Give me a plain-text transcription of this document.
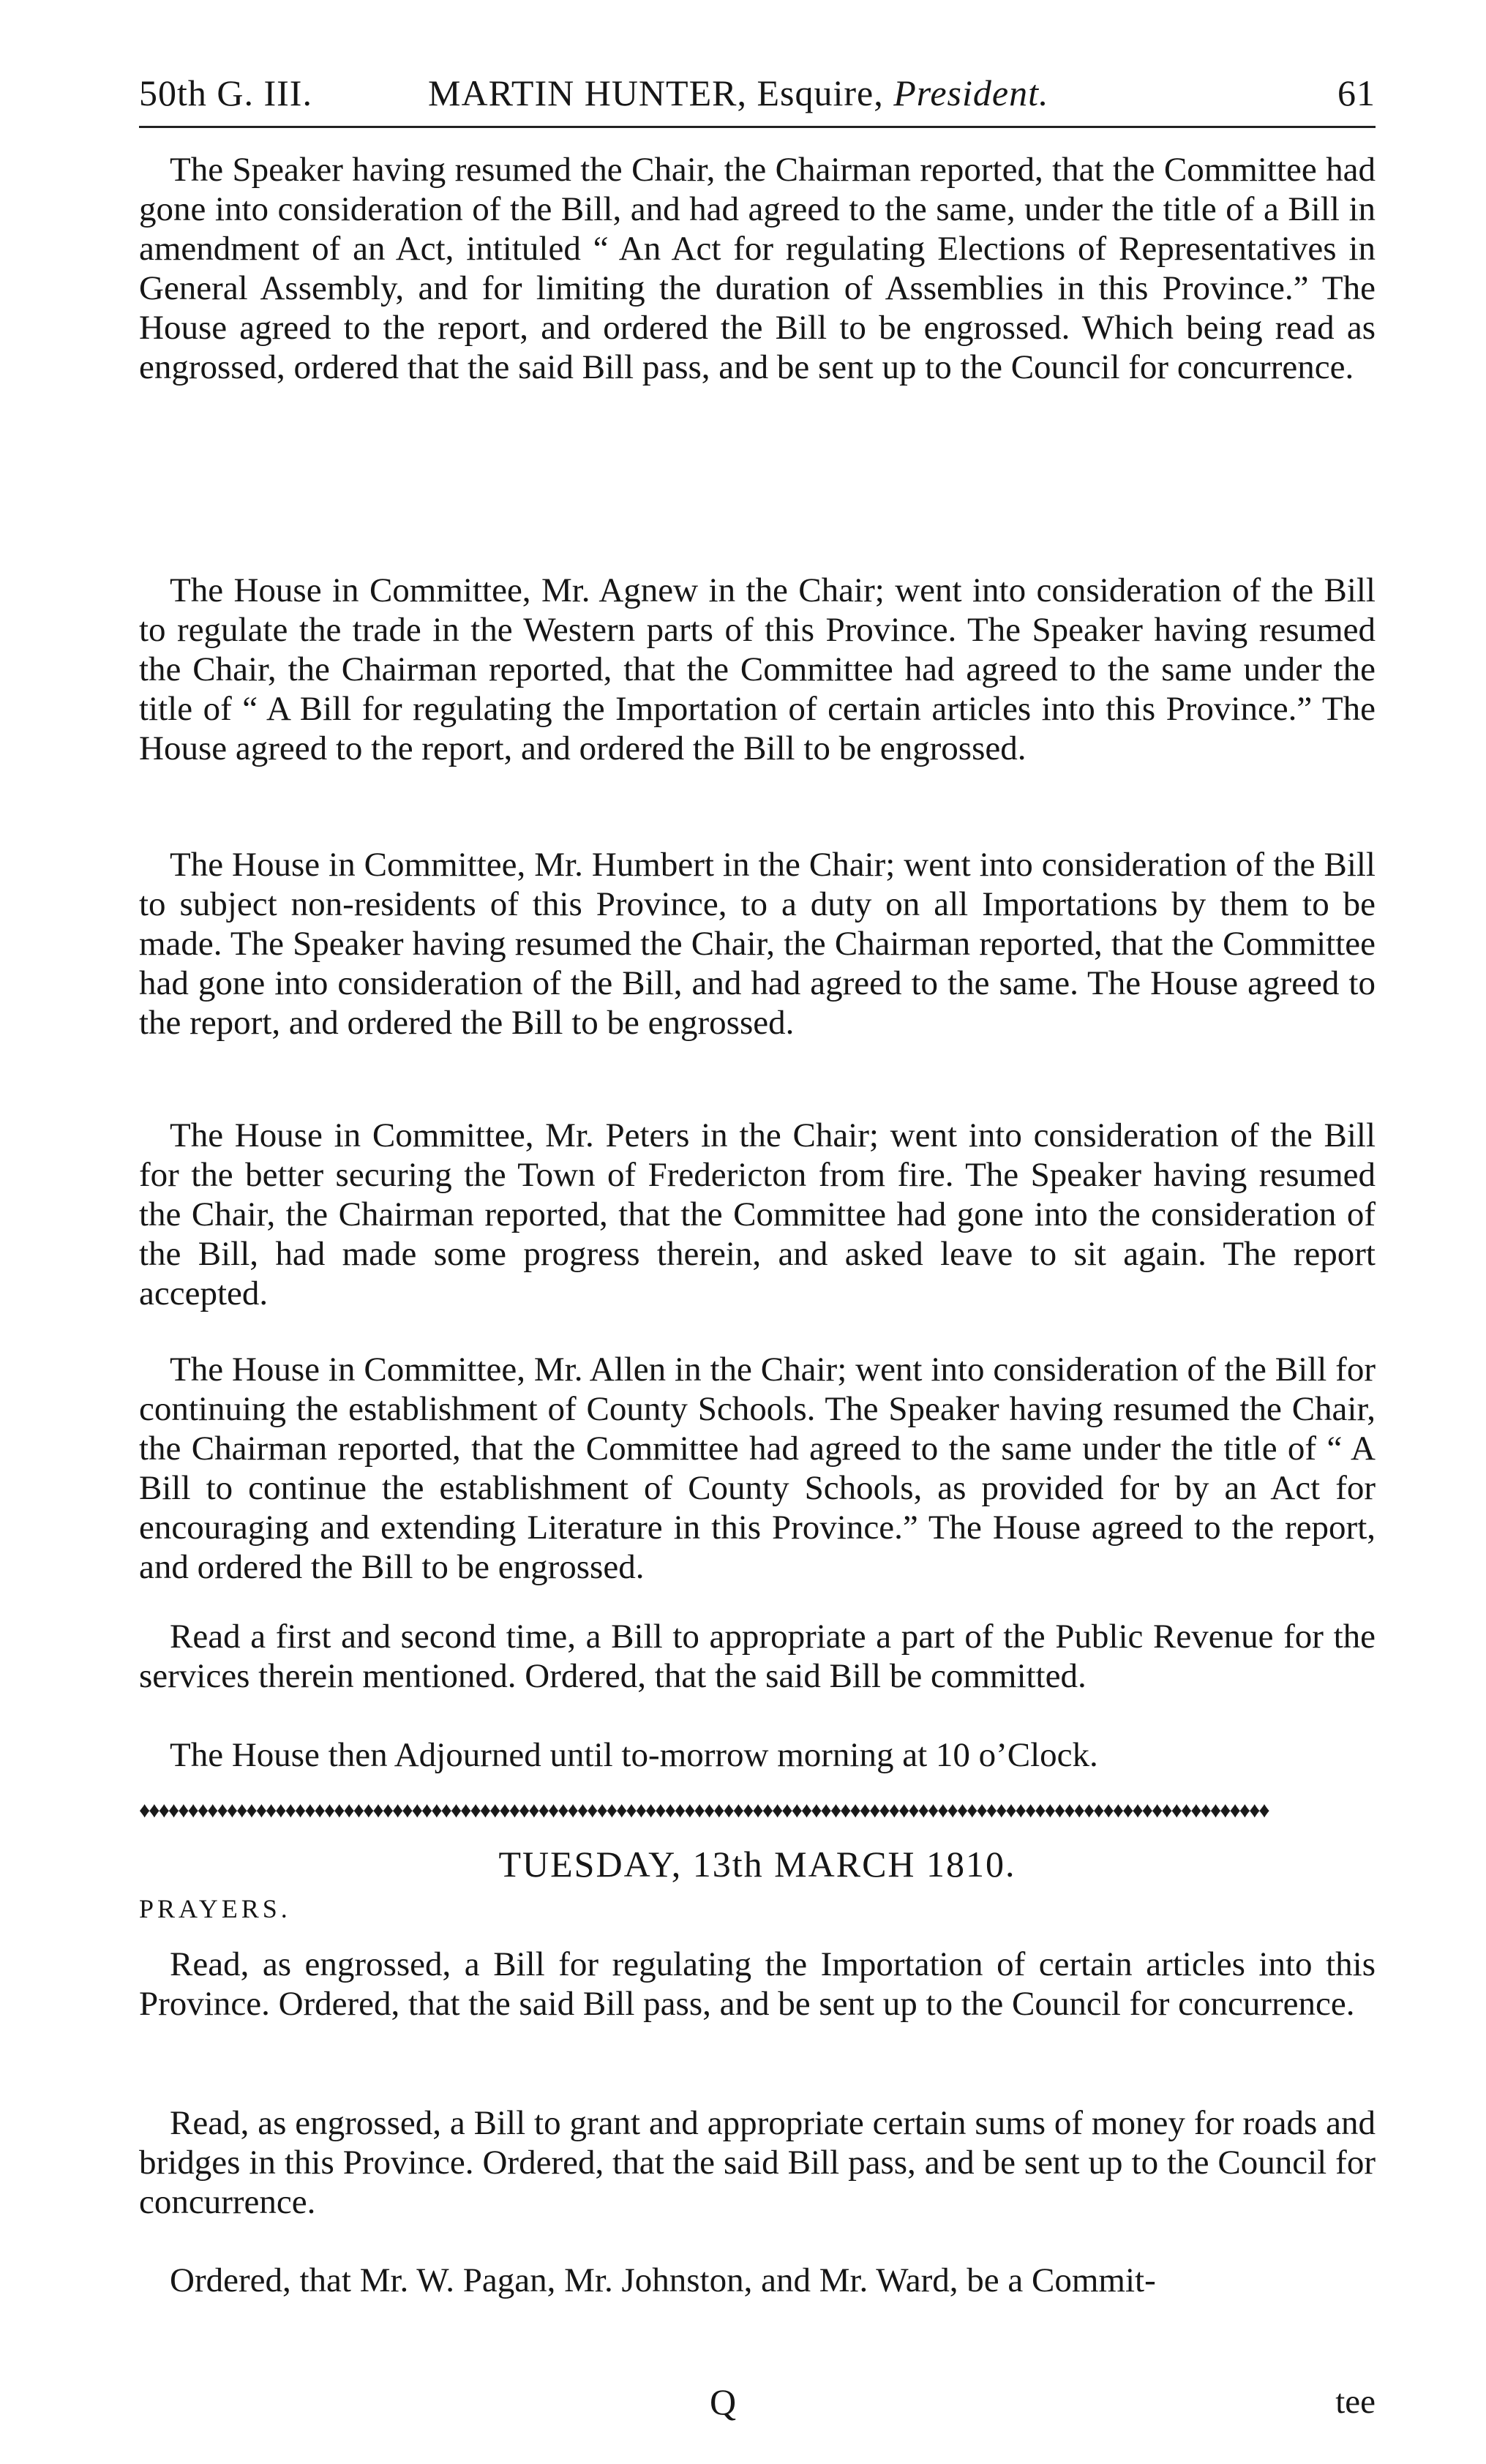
50th G. III.	MARTIN HUNTER, Esquire, President.	61

The Speaker having resumed the Chair, the Chairman reported, that the Committee had gone into consideration of the Bill, and had agreed to the same, under the title of a Bill in amendment of an Act, intituled “ An Act for regulating Elections of Representatives in General Assembly, and for limiting the duration of Assemblies in this Province.” The House agreed to the report, and ordered the Bill to be engrossed. Which being read as engrossed, ordered that the said Bill pass, and be sent up to the Council for concurrence.

The House in Committee, Mr. Agnew in the Chair; went into consideration of the Bill to regulate the trade in the Western parts of this Province. The Speaker having resumed the Chair, the Chairman reported, that the Committee had agreed to the same under the title of “ A Bill for regulating the Importation of certain articles into this Province.” The House agreed to the report, and ordered the Bill to be engrossed.

The House in Committee, Mr. Humbert in the Chair; went into consideration of the Bill to subject non-residents of this Province, to a duty on all Importations by them to be made. The Speaker having resumed the Chair, the Chairman reported, that the Committee had gone into consideration of the Bill, and had agreed to the same. The House agreed to the report, and ordered the Bill to be engrossed.

The House in Committee, Mr. Peters in the Chair; went into consideration of the Bill for the better securing the Town of Fredericton from fire. The Speaker having resumed the Chair, the Chairman reported, that the Committee had gone into the consideration of the Bill, had made some progress therein, and asked leave to sit again. The report accepted.

The House in Committee, Mr. Allen in the Chair; went into consideration of the Bill for continuing the establishment of County Schools. The Speaker having resumed the Chair, the Chairman reported, that the Committee had agreed to the same under the title of “ A Bill to continue the establishment of County Schools, as provided for by an Act for encouraging and extending Literature in this Province.” The House agreed to the report, and ordered the Bill to be engrossed.

Read a first and second time, a Bill to appropriate a part of the Public Revenue for the services therein mentioned. Ordered, that the said Bill be committed.

The House then Adjourned until to-morrow morning at 10 o’Clock.

♦♦♦♦♦♦♦♦♦♦♦♦♦♦♦♦♦♦♦♦♦♦♦♦♦♦♦♦♦♦♦♦♦♦♦♦♦♦♦♦♦♦♦♦♦♦♦♦♦♦♦♦♦♦♦♦♦♦♦♦♦♦♦♦♦♦♦♦♦♦♦♦♦♦♦♦♦♦♦♦♦♦♦♦♦♦♦♦♦♦♦♦♦♦♦♦♦♦♦♦♦♦♦♦♦♦♦♦♦♦♦♦♦♦♦♦
TUESDAY, 13th MARCH 1810.
PRAYERS.

Read, as engrossed, a Bill for regulating the Importation of certain articles into this Province. Ordered, that the said Bill pass, and be sent up to the Council for concurrence.

Read, as engrossed, a Bill to grant and appropriate certain sums of money for roads and bridges in this Province. Ordered, that the said Bill pass, and be sent up to the Council for concurrence.

Ordered, that Mr. W. Pagan, Mr. Johnston, and Mr. Ward, be a Commit-

Q	tee
